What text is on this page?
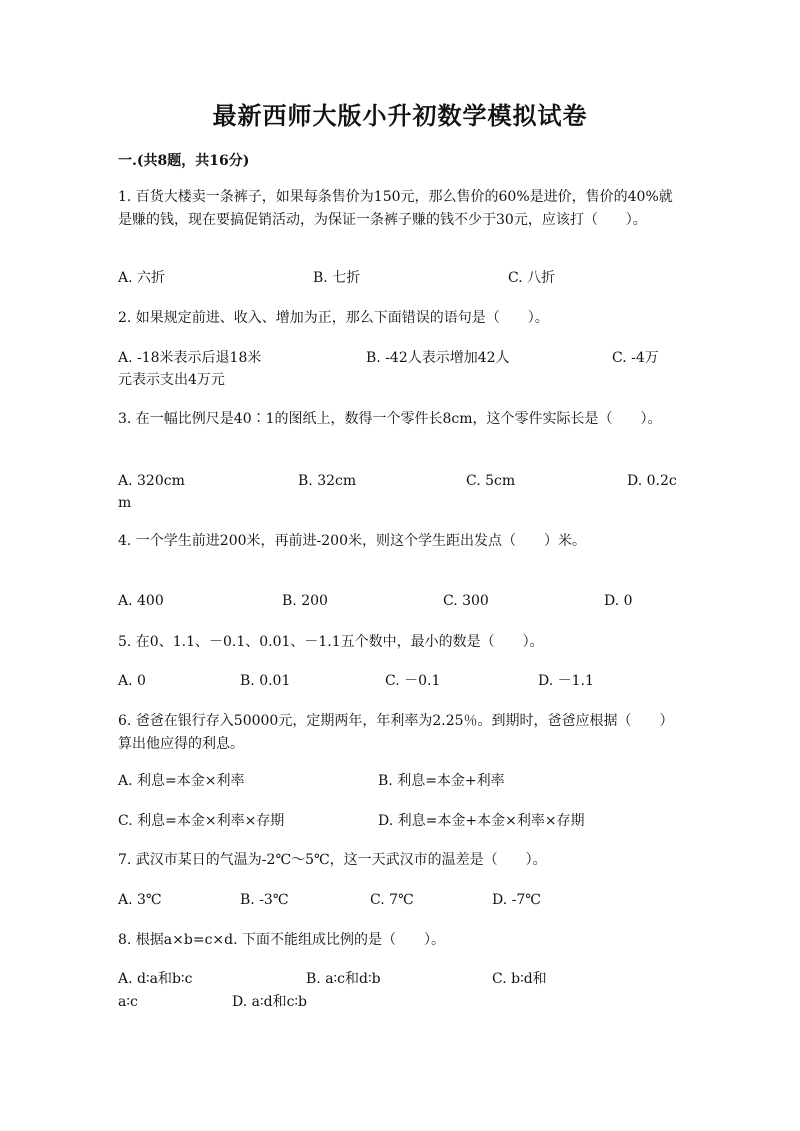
最新西师大版小升初数学模拟试卷
一.(共8题，共16分)
1. 百货大楼卖一条裤子，如果每条售价为150元，那么售价的60%是进价，售价的40%就是赚的钱，现在要搞促销活动，为保证一条裤子赚的钱不少于30元，应该打（　　）。
A. 六折	B. 七折	C. 八折
2. 如果规定前进、收入、增加为正，那么下面错误的语句是（　　）。
A. -18米表示后退18米	B. -42人表示增加42人	C. -4万
元表示支出4万元
3. 在一幅比例尺是40∶1的图纸上，数得一个零件长8cm，这个零件实际长是（　　）。
A. 320cm	B. 32cm	C. 5cm	D. 0.2c
m
4. 一个学生前进200米，再前进-200米，则这个学生距出发点（　　）米。
A. 400	B. 200	C. 300	D. 0
5. 在0、1.1、－0.1、0.01、－1.1五个数中，最小的数是（　　）。
A. 0	B. 0.01	C. －0.1	D. －1.1
6. 爸爸在银行存入50000元，定期两年，年利率为2.25％。到期时，爸爸应根据（　　）算出他应得的利息。
A. 利息=本金×利率	B. 利息=本金+利率
C. 利息=本金×利率×存期	D. 利息=本金+本金×利率×存期
7. 武汉市某日的气温为-2℃～5℃，这一天武汉市的温差是（　　）。
A. 3℃	B. -3℃	C. 7℃	D. -7℃
8. 根据a×b=c×d. 下面不能组成比例的是（　　）。
A. d∶a和b∶c	B. a∶c和d∶b	C. b∶d和
a∶c	D. a∶d和c∶b
